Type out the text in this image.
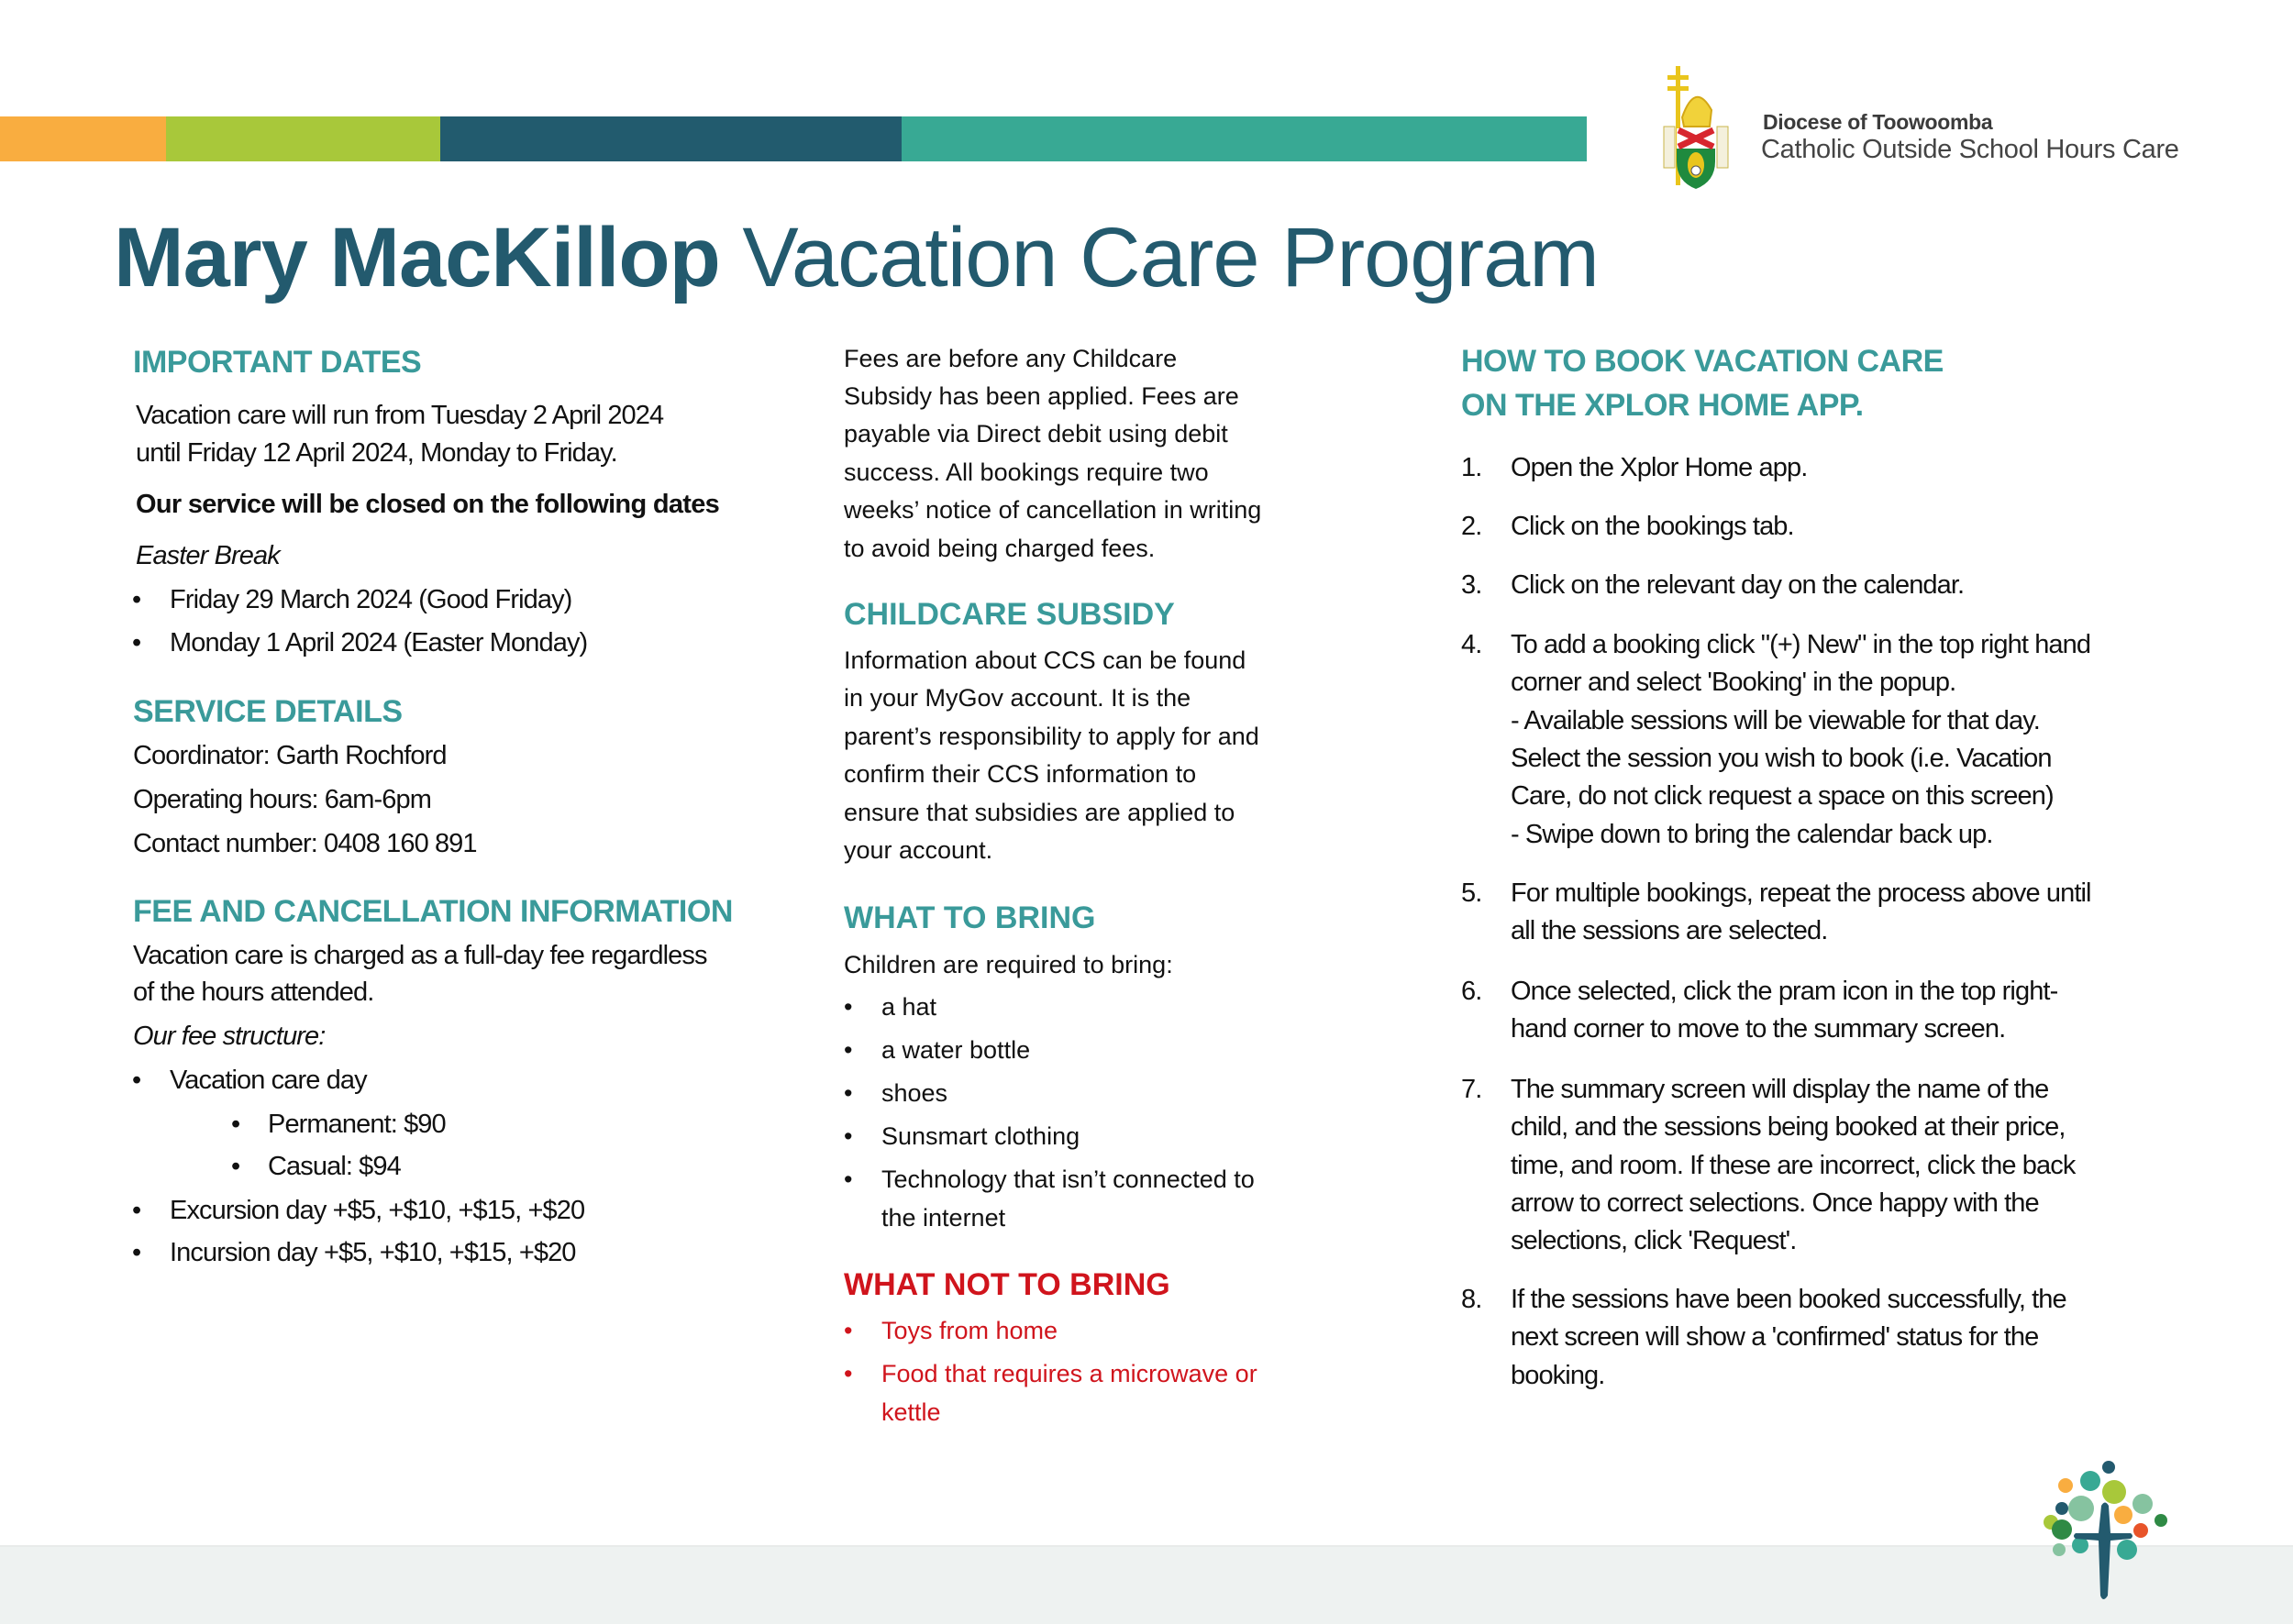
Diocese of Toowoomba
Catholic Outside School Hours Care
Mary MacKillop Vacation Care Program
IMPORTANT DATES
Vacation care will run from Tuesday 2 April 2024
until Friday 12 April 2024, Monday to Friday.
Our service will be closed on the following dates
Easter Break
• Friday 29 March 2024 (Good Friday)
• Monday 1 April 2024 (Easter Monday)
SERVICE DETAILS
Coordinator: Garth Rochford
Operating hours: 6am-6pm
Contact number: 0408 160 891
FEE AND CANCELLATION INFORMATION
Vacation care is charged as a full-day fee regardless
of the hours attended.
Our fee structure:
• Vacation care day
• Permanent: $90
• Casual: $94
• Excursion day +$5, +$10, +$15, +$20
• Incursion day +$5, +$10, +$15, +$20
Fees are before any Childcare
Subsidy has been applied. Fees are
payable via Direct debit using debit
success. All bookings require two
weeks’ notice of cancellation in writing
to avoid being charged fees.
CHILDCARE SUBSIDY
Information about CCS can be found
in your MyGov account. It is the
parent’s responsibility to apply for and
confirm their CCS information to
ensure that subsidies are applied to
your account.
WHAT TO BRING
Children are required to bring:
• a hat
• a water bottle
• shoes
• Sunsmart clothing
• Technology that isn’t connected to
the internet
WHAT NOT TO BRING
• Toys from home
• Food that requires a microwave or
kettle
HOW TO BOOK VACATION CARE
ON THE XPLOR HOME APP.
1. Open the Xplor Home app.
2. Click on the bookings tab.
3. Click on the relevant day on the calendar.
4. To add a booking click "(+) New" in the top right hand
corner and select 'Booking' in the popup.
- Available sessions will be viewable for that day.
Select the session you wish to book (i.e. Vacation
Care, do not click request a space on this screen)
- Swipe down to bring the calendar back up.
5. For multiple bookings, repeat the process above until
all the sessions are selected.
6. Once selected, click the pram icon in the top right-
hand corner to move to the summary screen.
7. The summary screen will display the name of the
child, and the sessions being booked at their price,
time, and room. If these are incorrect, click the back
arrow to correct selections. Once happy with the
selections, click 'Request'.
8. If the sessions have been booked successfully, the
next screen will show a 'confirmed' status for the
booking.
